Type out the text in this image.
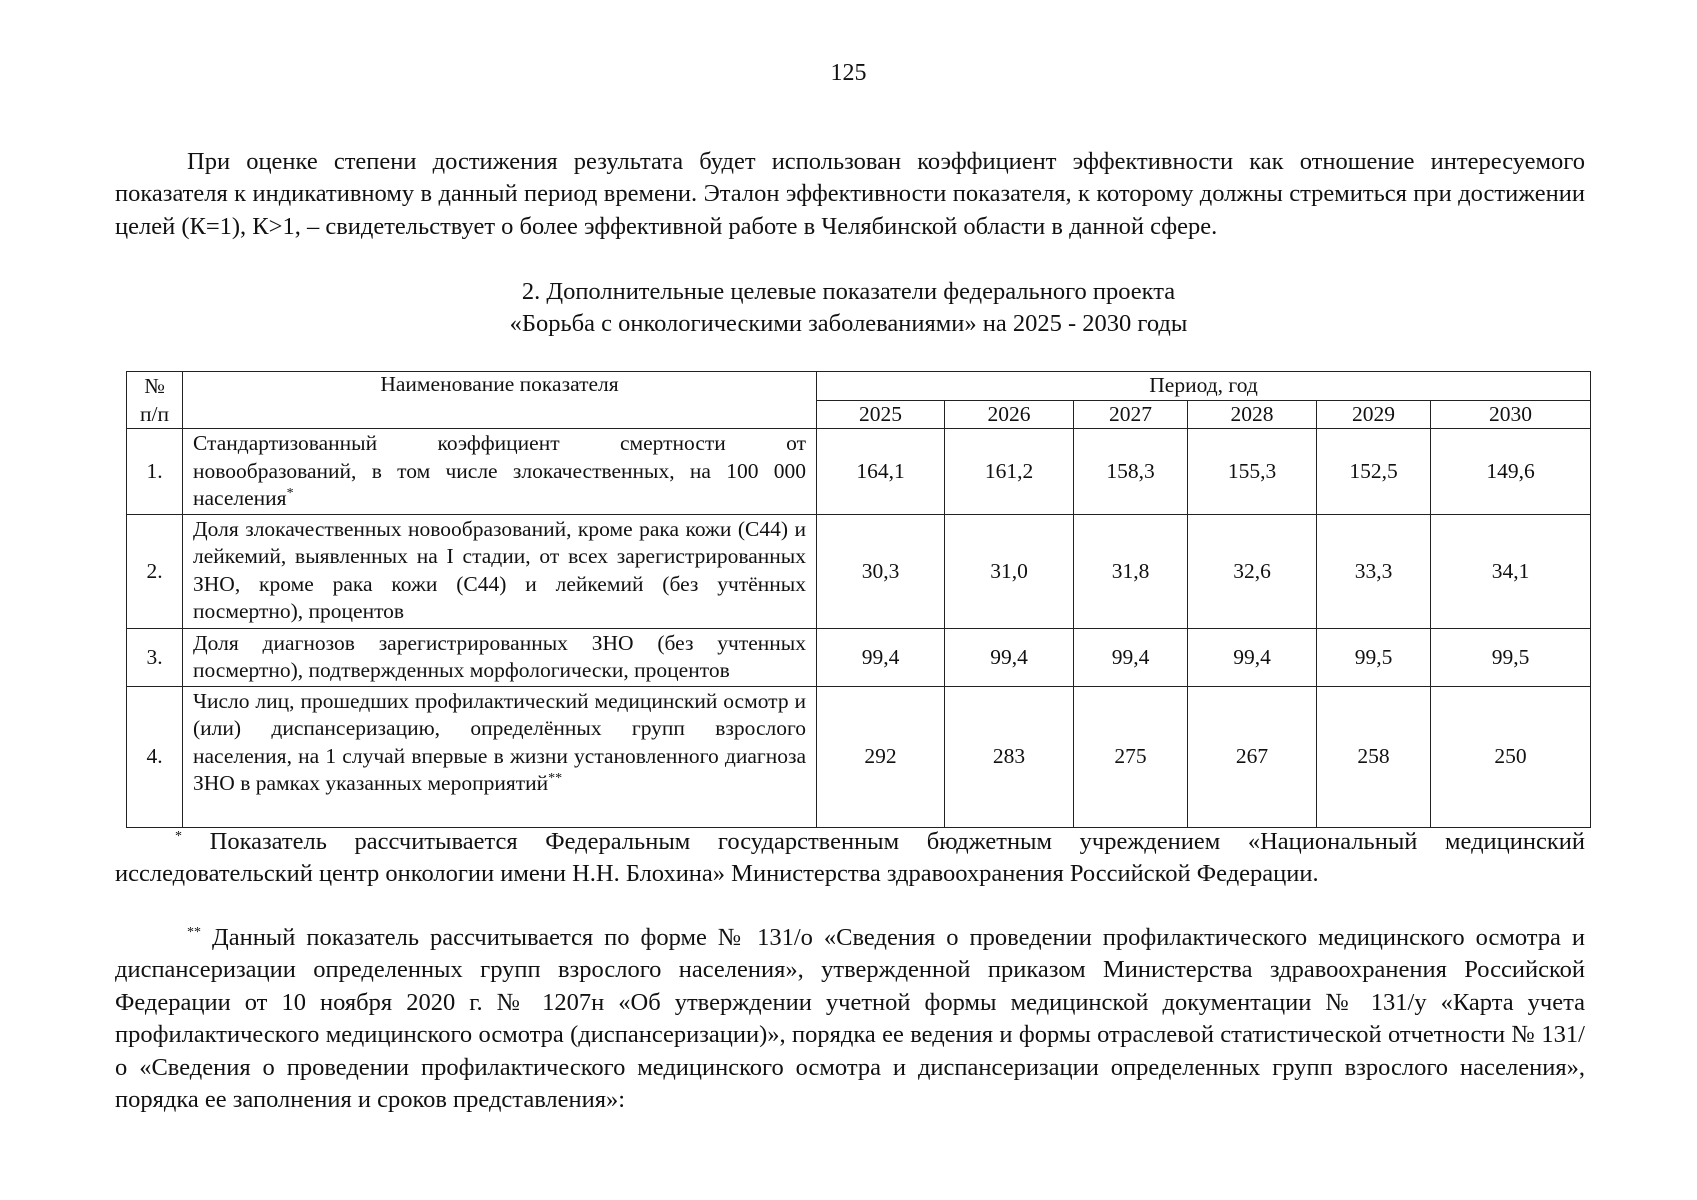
125

При оценке степени достижения результата будет использован коэффициент эффективности как отношение интересуемого показателя к индикативному в данный период времени. Эталон эффективности показателя, к которому должны стремиться при достижении целей (К=1), К>1, – свидетельствует о более эффективной работе в Челябинской области в данной сфере.

2. Дополнительные целевые показатели федерального проекта
«Борьба с онкологическими заболеваниями» на 2025 - 2030 годы
№ п/п	Наименование показателя	Период, год					
		2025	2026	2027	2028	2029	2030
1.	Стандартизованный коэффициент смертности от новообразований, в том числе злокачественных, на 100 000 населения*	164,1	161,2	158,3	155,3	152,5	149,6
2.	Доля злокачественных новообразований, кроме рака кожи (С44) и лейкемий, выявленных на I стадии, от всех зарегистрированных ЗНО, кроме рака кожи (С44) и лейкемий (без учтённых посмертно), процентов	30,3	31,0	31,8	32,6	33,3	34,1
3.	Доля диагнозов зарегистрированных ЗНО (без учтенных посмертно), подтвержденных морфологически, процентов	99,4	99,4	99,4	99,4	99,5	99,5
4.	Число лиц, прошедших профилактический медицинский осмотр и (или) диспансеризацию, определённых групп взрослого населения, на 1 случай впервые в жизни установленного диагноза ЗНО в рамках указанных мероприятий**	292	283	275	267	258	250

* Показатель рассчитывается Федеральным государственным бюджетным учреждением «Национальный медицинский исследовательский центр онкологии имени Н.Н. Блохина» Министерства здравоохранения Российской Федерации.

** Данный показатель рассчитывается по форме № 131/о «Сведения о проведении профилактического медицинского осмотра и диспансеризации определенных групп взрослого населения», утвержденной приказом Министерства здравоохранения Российской Федерации от 10 ноября 2020 г. № 1207н «Об утверждении учетной формы медицинской документации № 131/у «Карта учета профилактического медицинского осмотра (диспансеризации)», порядка ее ведения и формы отраслевой статистической отчетности № 131/о «Сведения о проведении профилактического медицинского осмотра и диспансеризации определенных групп взрослого населения», порядка ее заполнения и сроков представления»:
